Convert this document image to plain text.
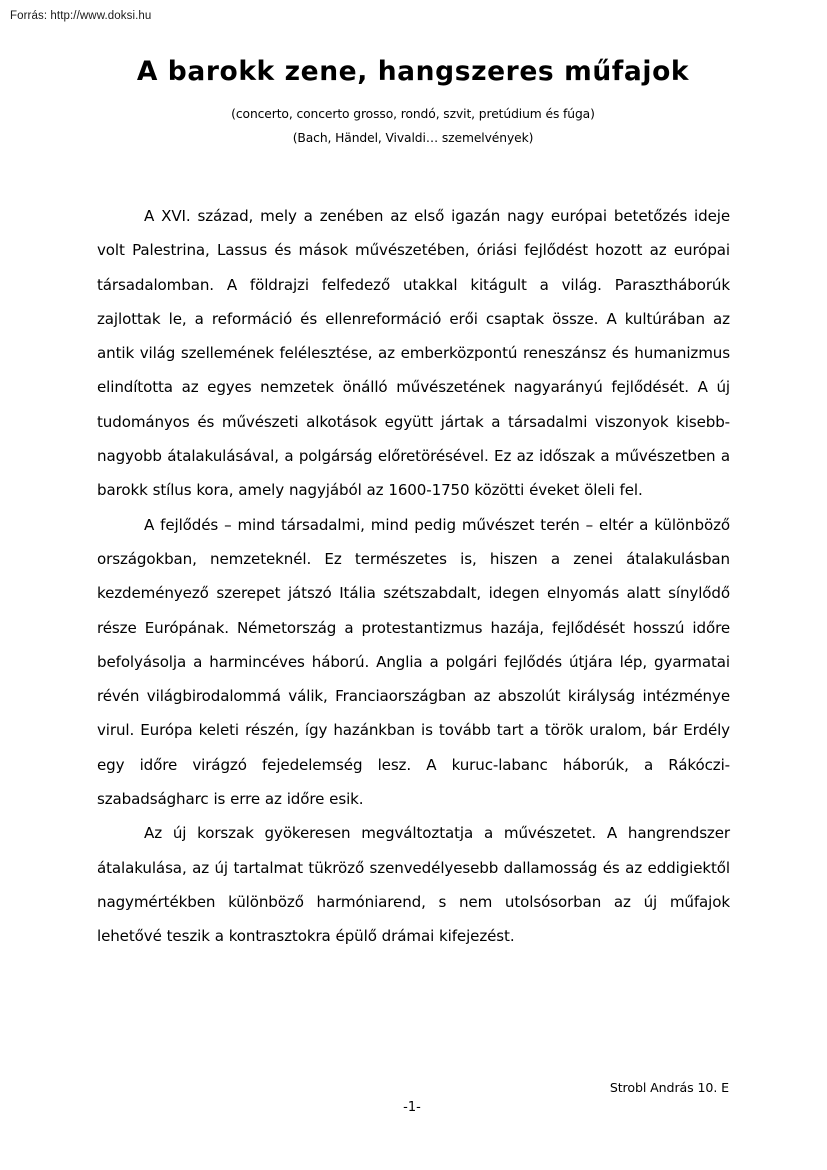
Forrás: http://www.doksi.hu
A barokk zene, hangszeres műfajok

(concerto, concerto grosso, rondó, szvit, pretúdium és fúga)

(Bach, Händel, Vivaldi… szemelvények)

A XVI. század, mely a zenében az első igazán nagy európai betetőzés ideje volt Palestrina, Lassus és mások művészetében, óriási fejlődést hozott az európai társadalomban. A földrajzi felfedező utakkal kitágult a világ. Parasztháborúk zajlottak le, a reformáció és ellenreformáció erői csaptak össze. A kultúrában az antik világ szellemének felélesztése, az emberközpontú reneszánsz és humanizmus elindította az egyes nemzetek önálló művészetének nagyarányú fejlődését. A új tudományos és művészeti alkotások együtt jártak a társadalmi viszonyok kisebb-nagyobb átalakulásával, a polgárság előretörésével. Ez az időszak a művészetben a barokk stílus kora, amely nagyjából az 1600-1750 közötti éveket öleli fel.

A fejlődés – mind társadalmi, mind pedig művészet terén – eltér a különböző országokban, nemzeteknél. Ez természetes is, hiszen a zenei átalakulásban kezdeményező szerepet játszó Itália szétszabdalt, idegen elnyomás alatt sínylődő része Európának. Németország a protestantizmus hazája, fejlődését hosszú időre befolyásolja a harmincéves háború. Anglia a polgári fejlődés útjára lép, gyarmatai révén világbirodalommá válik, Franciaországban az abszolút királyság intézménye virul. Európa keleti részén, így hazánkban is tovább tart a török uralom, bár Erdély egy időre virágzó fejedelemség lesz. A kuruc-labanc háborúk, a Rákóczi-szabadságharc is erre az időre esik.

Az új korszak gyökeresen megváltoztatja a művészetet. A hangrendszer átalakulása, az új tartalmat tükröző szenvedélyesebb dallamosság és az eddigiektől nagymértékben különböző harmóniarend, s nem utolsósorban az új műfajok lehetővé teszik a kontrasztokra épülő drámai kifejezést.

Strobl András 10. E
-1-
